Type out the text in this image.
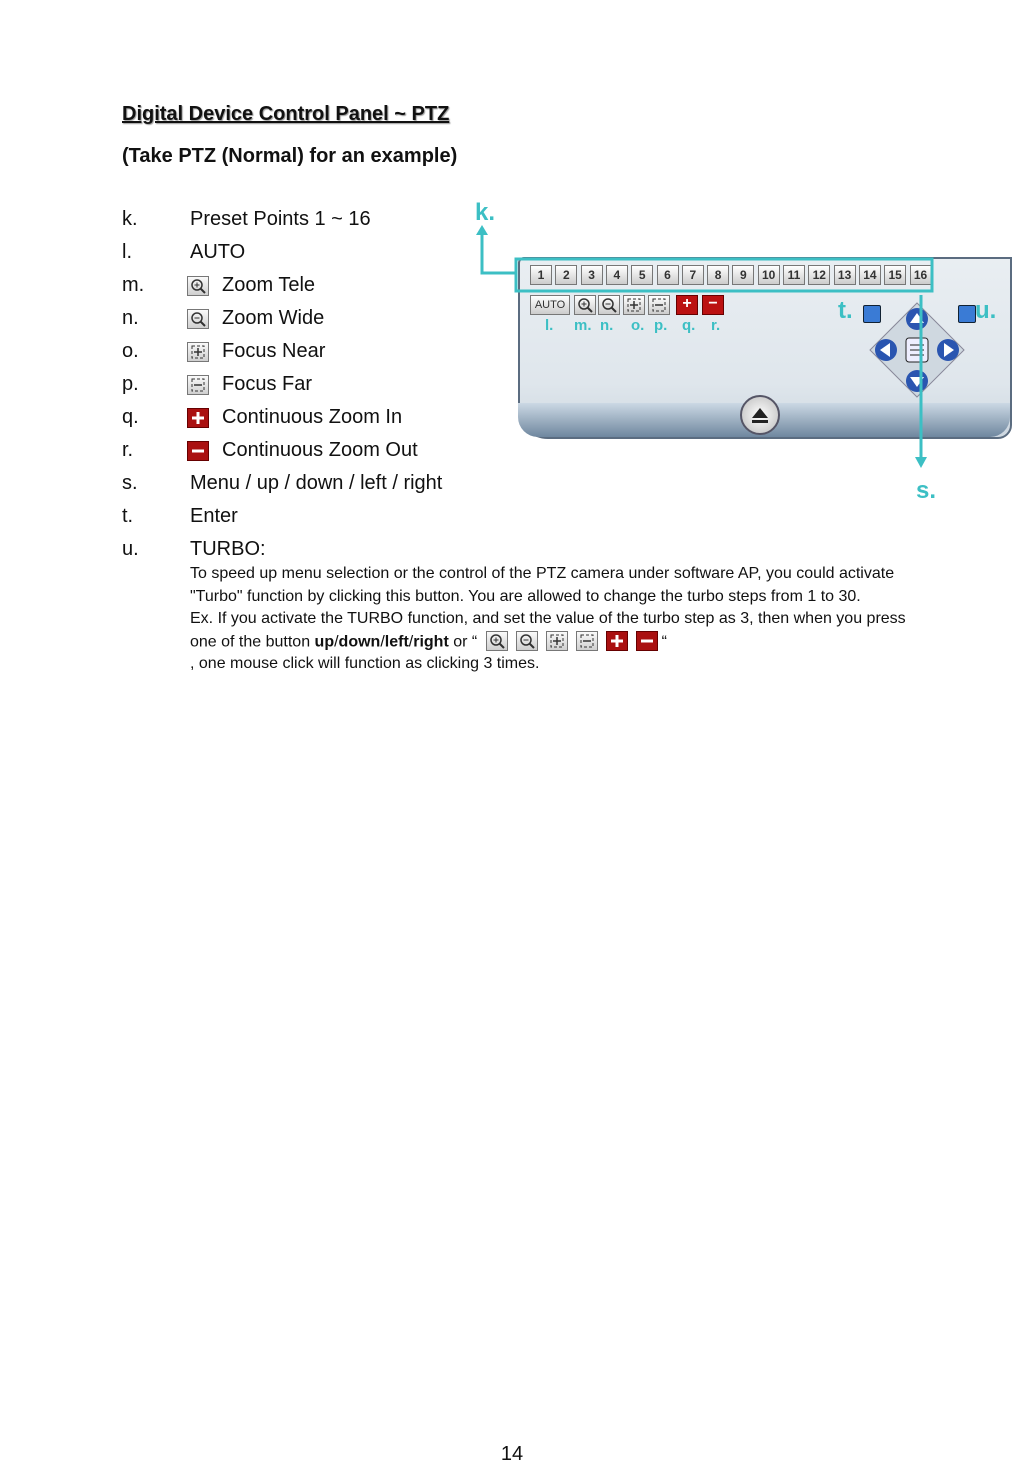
Digital Device Control Panel ~ PTZ
(Take PTZ (Normal) for an example)
k.	Preset Points 1 ~ 16
l.	AUTO
m.	Zoom Tele
n.	Zoom Wide
o.	Focus Near
p.	Focus Far
q.	Continuous Zoom In
r.	Continuous Zoom Out
s.	Menu / up / down / left / right
t.	Enter
u.	TURBO:
To speed up menu selection or the control of the PTZ camera under software AP, you could activate "Turbo" function by clicking this button. You are allowed to change the turbo steps from 1 to 30.
Ex. If you activate the TURBO function, and set the value of the turbo step as 3, then when you press one of the button up/down/left/right or “	“
, one mouse click will function as clicking 3 times.
1	2	3	4	5	6	7	8	9	10	11	12 13 14 15 16
AUTO	+	−
k.
t.	u.
s.
l. m. n. o. p. q. r.
14
